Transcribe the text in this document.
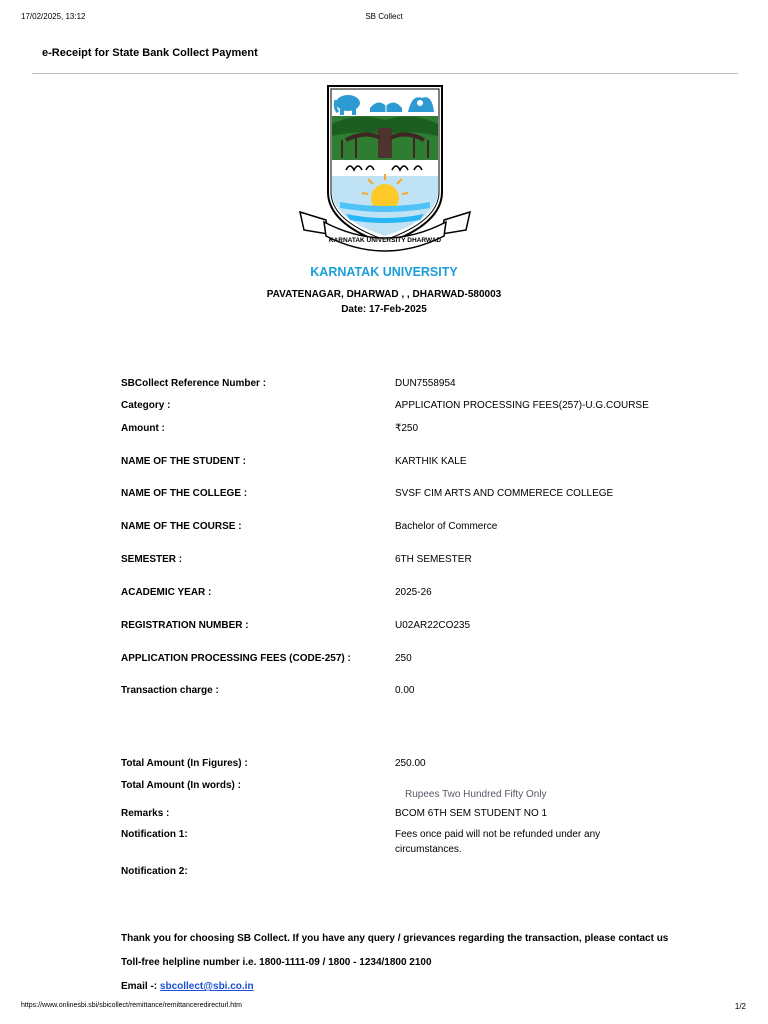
17/02/2025, 13:12	SB Collect
e-Receipt for State Bank Collect Payment
KARNATAK UNIVERSITY DHARWAD
KARNATAK UNIVERSITY
PAVATENAGAR, DHARWAD , , DHARWAD-580003
Date: 17-Feb-2025
SBCollect Reference Number :	DUN7558954
Category :	APPLICATION PROCESSING FEES(257)-U.G.COURSE
Amount :	₹250
NAME OF THE STUDENT :	KARTHIK KALE
NAME OF THE COLLEGE :	SVSF CIM ARTS AND COMMERECE COLLEGE
NAME OF THE COURSE :	Bachelor of Commerce
SEMESTER :	6TH SEMESTER
ACADEMIC YEAR :	2025-26
REGISTRATION NUMBER :	U02AR22CO235
APPLICATION PROCESSING FEES (CODE-257) :	250
Transaction charge :	0.00
Total Amount (In Figures) :	250.00
Total Amount (In words) :
Rupees Two Hundred Fifty Only
Remarks :	BCOM 6TH SEM STUDENT NO 1
Notification 1:	Fees once paid will not be refunded under any circumstances.
Notification 2:
Thank you for choosing SB Collect. If you have any query / grievances regarding the transaction, please contact us
Toll-free helpline number i.e. 1800-1111-09 / 1800 - 1234/1800 2100
Email -: sbcollect@sbi.co.in
https://www.onlinesbi.sbi/sbicollect/remittance/remittanceredirecturl.htm	1/2
